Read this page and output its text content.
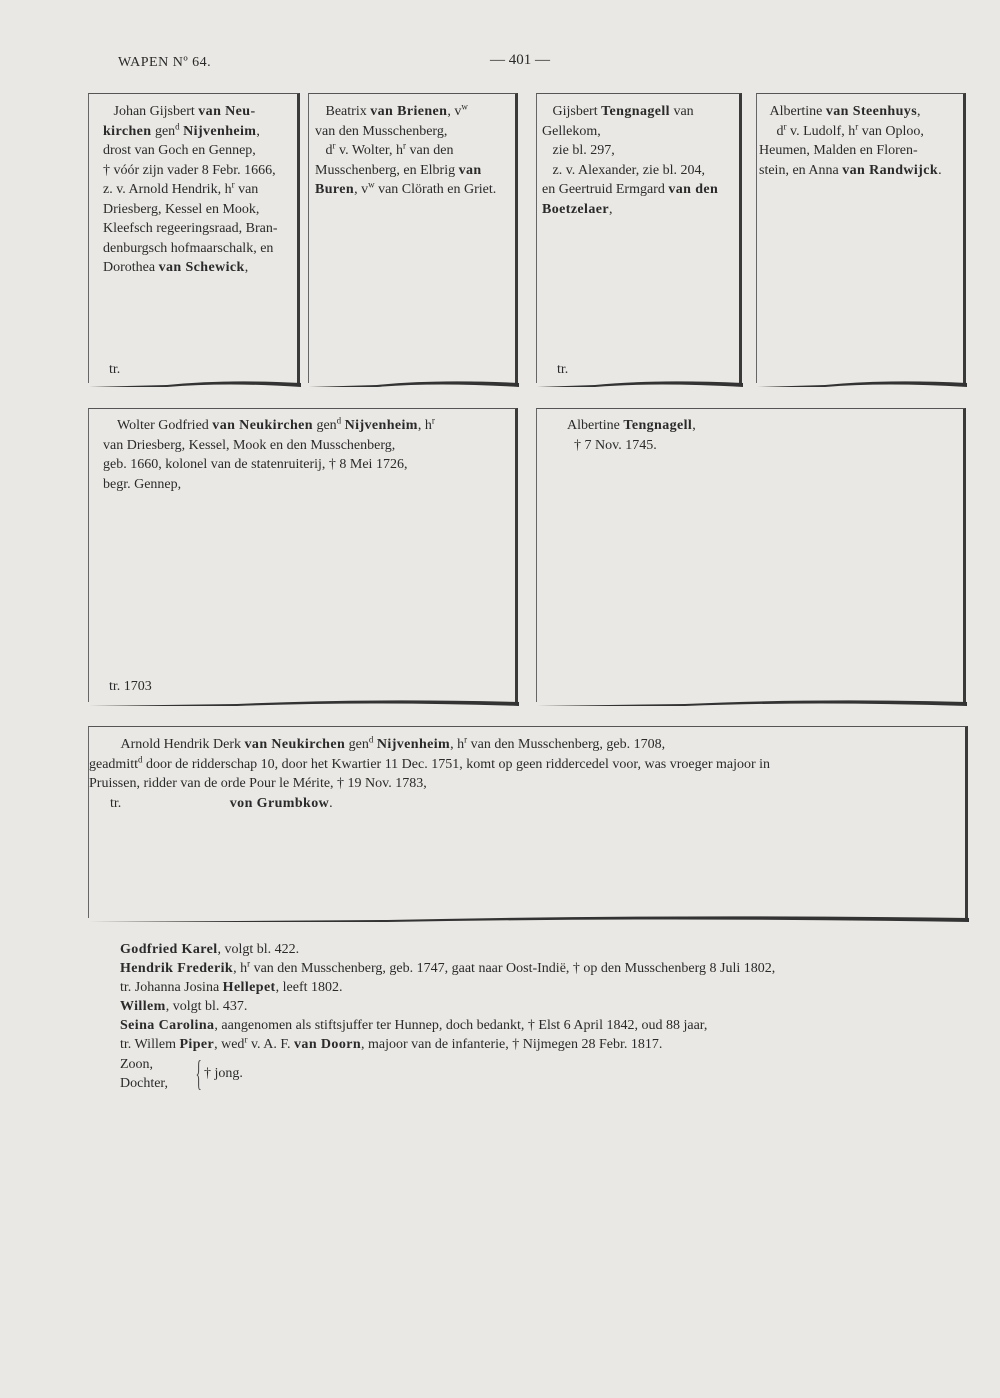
WAPEN Nº 64.	— 401 —
Johan Gijsbert van Neu-
kirchen gen$^d$ Nijvenheim,
drost van Goch en Gennep,
† vóór zijn vader 8 Febr. 1666,
z. v. Arnold Hendrik, $h^r$ van
Driesberg, Kessel en Mook,
Kleefsch regeeringsraad, Bran-
denburgsch hofmaarschalk, en
Dorothea van Schewick,
tr.
Beatrix van Brienen, $v^w$
van den Musschenberg,
$d^r$ v. Wolter, $h^r$ van den
Musschenberg, en Elbrig van
Buren, $v^w$ van Clörath en Griet.
Gijsbert Tengnagell van
Gellekom,
zie bl. 297,
z. v. Alexander, zie bl. 204,
en Geertruid Ermgard van den
Boetzelaer,
tr.
Albertine van Steenhuys,
$d^r$ v. Ludolf, $h^r$ van Oploo,
Heumen, Malden en Floren-
stein, en Anna van Randwijck.
Wolter Godfried van Neukirchen gen$^d$ Nijvenheim, $h^r$
van Driesberg, Kessel, Mook en den Musschenberg,
geb. 1660, kolonel van de statenruiterij, † 8 Mei 1726,
begr. Gennep,
tr. 1703
Albertine Tengnagell,
† 7 Nov. 1745.
Arnold Hendrik Derk van Neukirchen gen$^d$ Nijvenheim, $h^r$ van den Musschenberg, geb. 1708,
geadmitt$^d$ door de ridderschap 10, door het Kwartier 11 Dec. 1751, komt op geen riddercedel voor, was vroeger majoor in
Pruissen, ridder van de orde Pour le Mérite, † 19 Nov. 1783,
tr.	von Grumbkow.
Godfried Karel, volgt bl. 422.
Hendrik Frederik, $h^r$ van den Musschenberg, geb. 1747, gaat naar Oost-Indië, † op den Musschenberg 8 Juli 1802,
tr. Johanna Josina Hellepet, leeft 1802.
Willem, volgt bl. 437.
Seina Carolina, aangenomen als stiftsjuffer ter Hunnep, doch bedankt, † Elst 6 April 1842, oud 88 jaar,
tr. Willem Piper, wed$^r$ v. A. F. van Doorn, majoor van de infanterie, † Nijmegen 28 Febr. 1817.
Zoon,
Dochter, { † jong.
